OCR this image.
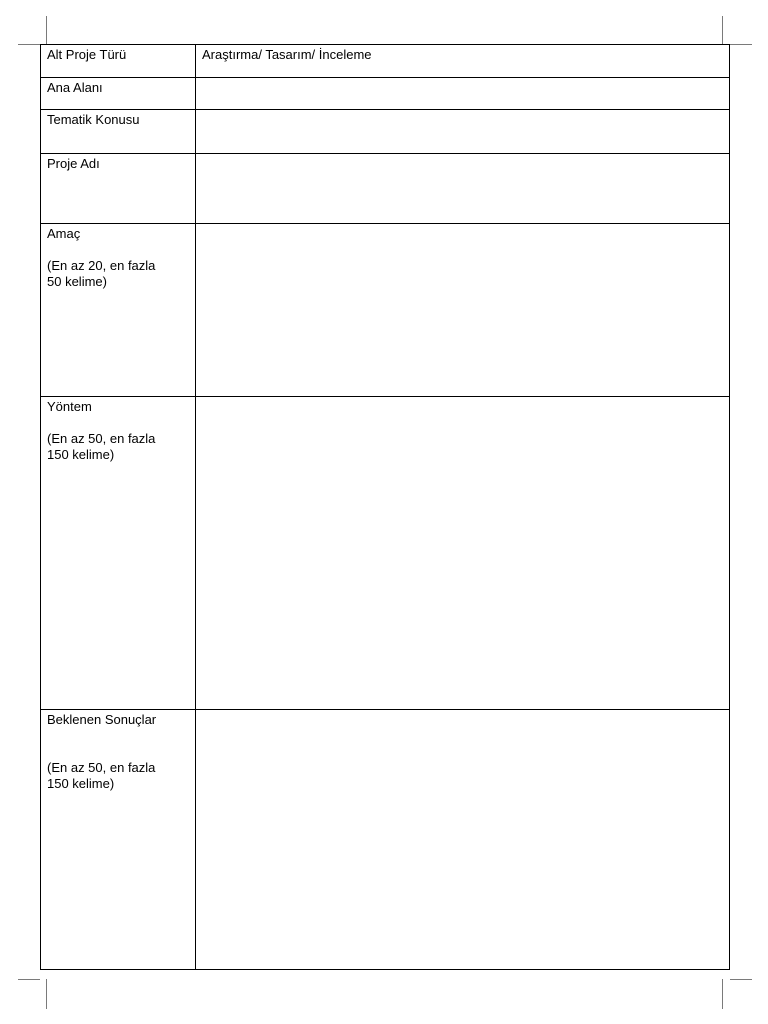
Alt Proje Türü	Araştırma/ Tasarım/ İnceleme
Ana Alanı	
Tematik Konusu	
Proje Adı	
Amaç

(En az 20, en fazla
50 kelime)	
Yöntem

(En az 50, en fazla
150 kelime)	
Beklenen Sonuçlar

(En az 50, en fazla
150 kelime)	
